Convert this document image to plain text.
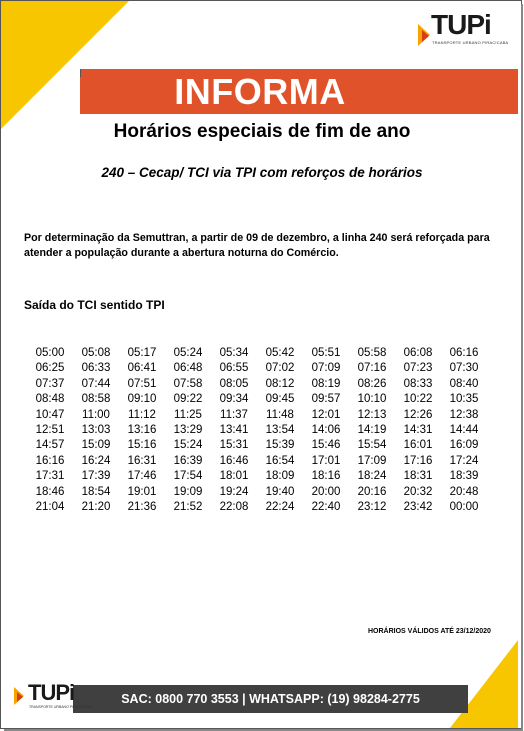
TUPi
TRANSPORTE URBANO PIRACICABA
INFORMA
Horários especiais de fim de ano
240 – Cecap/ TCI via TPI com reforços de horários
Por determinação da Semuttran, a partir de 09 de dezembro, a linha 240 será reforçada para atender a população durante a abertura noturna do Comércio.
Saída do TCI sentido TPI
05:00	05:08	05:17	05:24	05:34	05:42	05:51	05:58	06:08	06:16
06:25	06:33	06:41	06:48	06:55	07:02	07:09	07:16	07:23	07:30
07:37	07:44	07:51	07:58	08:05	08:12	08:19	08:26	08:33	08:40
08:48	08:58	09:10	09:22	09:34	09:45	09:57	10:10	10:22	10:35
10:47	11:00	11:12	11:25	11:37	11:48	12:01	12:13	12:26	12:38
12:51	13:03	13:16	13:29	13:41	13:54	14:06	14:19	14:31	14:44
14:57	15:09	15:16	15:24	15:31	15:39	15:46	15:54	16:01	16:09
16:16	16:24	16:31	16:39	16:46	16:54	17:01	17:09	17:16	17:24
17:31	17:39	17:46	17:54	18:01	18:09	18:16	18:24	18:31	18:39
18:46	18:54	19:01	19:09	19:24	19:40	20:00	20:16	20:32	20:48
21:04	21:20	21:36	21:52	22:08	22:24	22:40	23:12	23:42	00:00
HORÁRIOS VÁLIDOS ATÉ 23/12/2020
SAC: 0800 770 3553 | WHATSAPP: (19) 98284-2775
TUPi
TRANSPORTE URBANO PIRACICABA
